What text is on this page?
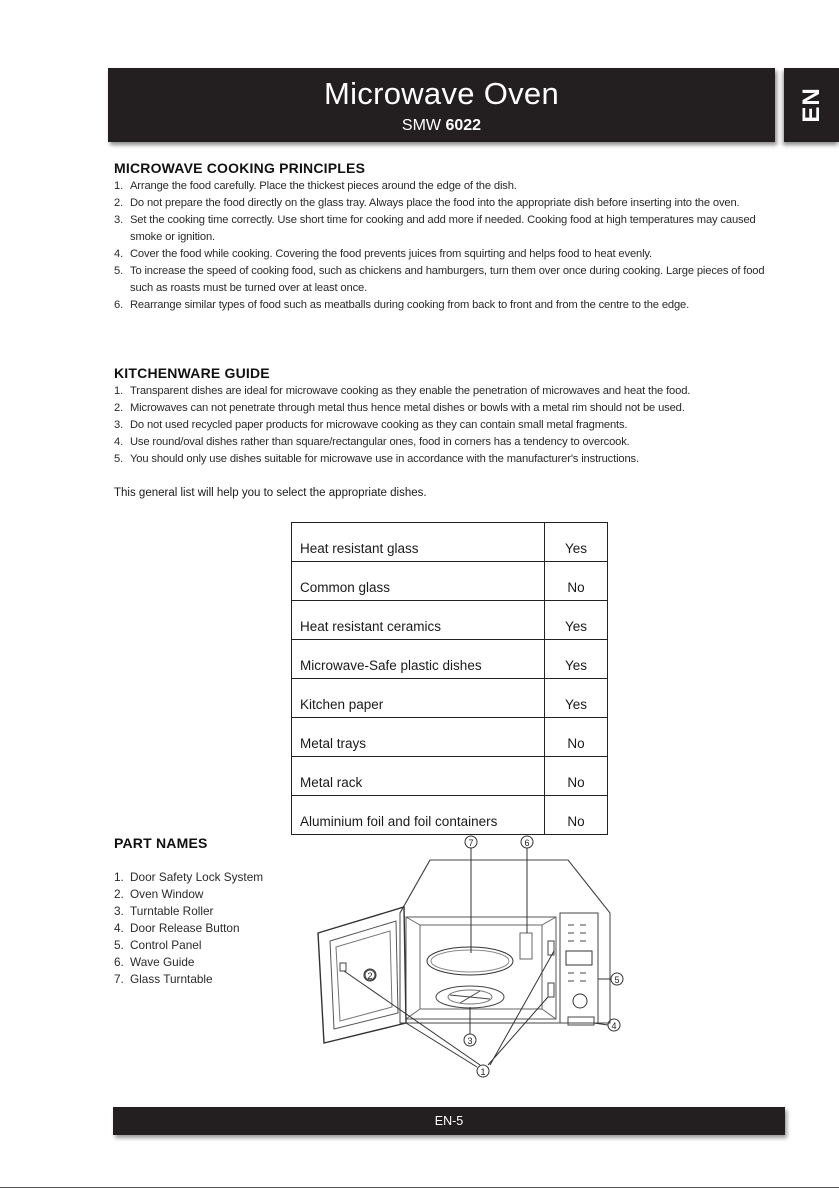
Microwave Oven
SMW 6022
EN
MICROWAVE COOKING PRINCIPLES
1. Arrange the food carefully. Place the thickest pieces around the edge of the dish.
2. Do not prepare the food directly on the glass tray. Always place the food into the appropriate dish before inserting into the oven.
3. Set the cooking time correctly. Use short time for cooking and add more if needed. Cooking food at high temperatures may caused smoke or ignition.
4. Cover the food while cooking. Covering the food prevents juices from squirting and helps food to heat evenly.
5. To increase the speed of cooking food, such as chickens and hamburgers, turn them over once during cooking. Large pieces of food such as roasts must be turned over at least once.
6. Rearrange similar types of food such as meatballs during cooking from back to front and from the centre to the edge.
KITCHENWARE GUIDE
1. Transparent dishes are ideal for microwave cooking as they enable the penetration of microwaves and heat the food.
2. Microwaves can not penetrate through metal thus hence metal dishes or bowls with a metal rim should not be used.
3. Do not used recycled paper products for microwave cooking as they can contain small metal fragments.
4. Use round/oval dishes rather than square/rectangular ones, food in corners has a tendency to overcook.
5. You should only use dishes suitable for microwave use in accordance with the manufacturer's instructions.
This general list will help you to select the appropriate dishes.
Heat resistant glass	Yes
Common glass	No
Heat resistant ceramics	Yes
Microwave-Safe plastic dishes	Yes
Kitchen paper	Yes
Metal trays	No
Metal rack	No
Aluminium foil and foil containers	No
PART NAMES
1. Door Safety Lock System
2. Oven Window
3. Turntable Roller
4. Door Release Button
5. Control Panel
6. Wave Guide
7. Glass Turntable
7	6
5
4
3
2
1
EN-5
